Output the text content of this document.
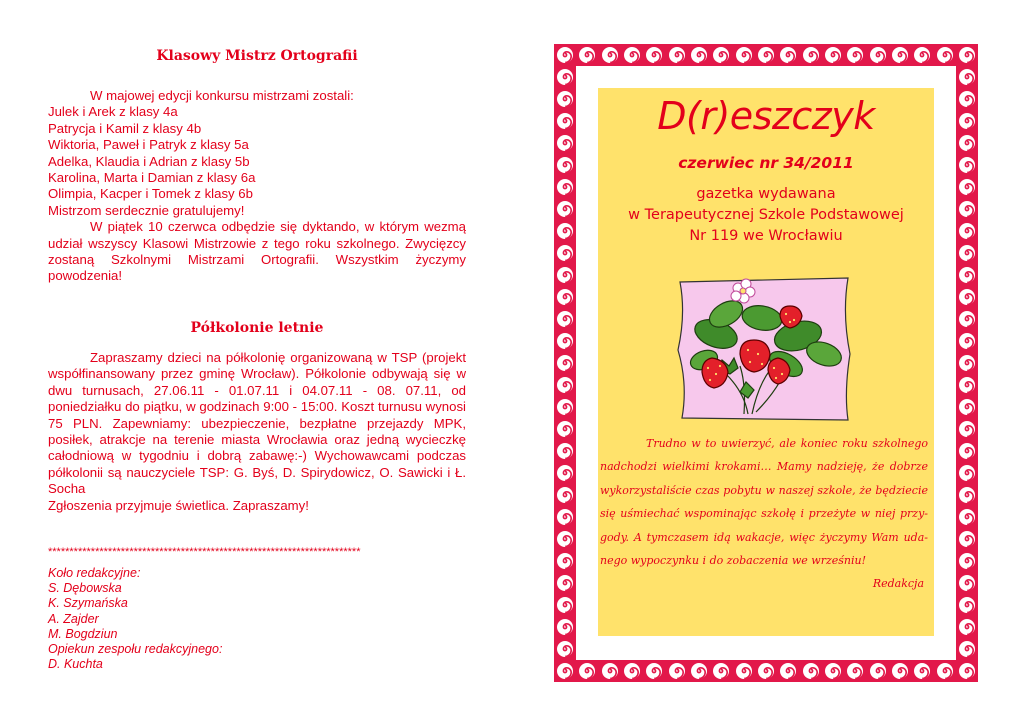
Klasowy Mistrz Ortografii
W majowej edycji konkursu mistrzami zostali:
Julek i Arek z klasy 4a
Patrycja i Kamil z klasy 4b
Wiktoria, Paweł i Patryk z klasy 5a
Adelka, Klaudia i Adrian z klasy 5b
Karolina, Marta i Damian z klasy 6a
Olimpia, Kacper i Tomek z klasy 6b
Mistrzom serdecznie gratulujemy!

W piątek 10 czerwca odbędzie się dyktando, w którym wezmą udział wszyscy Klasowi Mistrzowie z tego roku szkolnego. Zwycięzcy zostaną Szkolnymi Mistrzami Ortografii. Wszystkim życzymy powodzenia!

Półkolonie letnie

Zapraszamy dzieci na półkolonię organizowaną w TSP (projekt współfinansowany przez gminę Wrocław). Półkolonie odbywają się w dwu turnusach, 27.06.11 - 01.07.11 i 04.07.11 - 08. 07.11, od poniedziałku do piątku, w godzinach 9:00 - 15:00. Koszt turnusu wynosi 75 PLN. Zapewniamy: ubezpieczenie, bezpłatne przejazdy MPK, posiłek, atrakcje na terenie miasta Wrocławia oraz jedną wycieczkę całodniową w tygodniu i dobrą zabawę:-) Wychowawcami podczas półkolonii są nauczyciele TSP: G. Byś, D. Spirydowicz, O. Sawicki i Ł. Socha

Zgłoszenia przyjmuje świetlica. Zapraszamy!
*************************************************************************
Koło redakcyjne:
S. Dębowska
K. Szymańska
A. Zajder
M. Bogdziun
Opiekun zespołu redakcyjnego:
D. Kuchta
D(r)eszczyk
czerwiec nr 34/2011
gazetka wydawana
w Terapeutycznej Szkole Podstawowej
Nr 119 we Wrocławiu

Trudno w to uwierzyć, ale koniec roku szkolnego nadchodzi wielkimi krokami… Mamy nadzieję, że dobrze wykorzystaliście czas pobytu w naszej szkole, że będziecie się uśmiechać wspominając szkołę i przeżyte w niej przygody. A tymczasem idą wakacje, więc życzymy Wam udanego wypoczynku i do zobaczenia we wrześniu!

Redakcja
